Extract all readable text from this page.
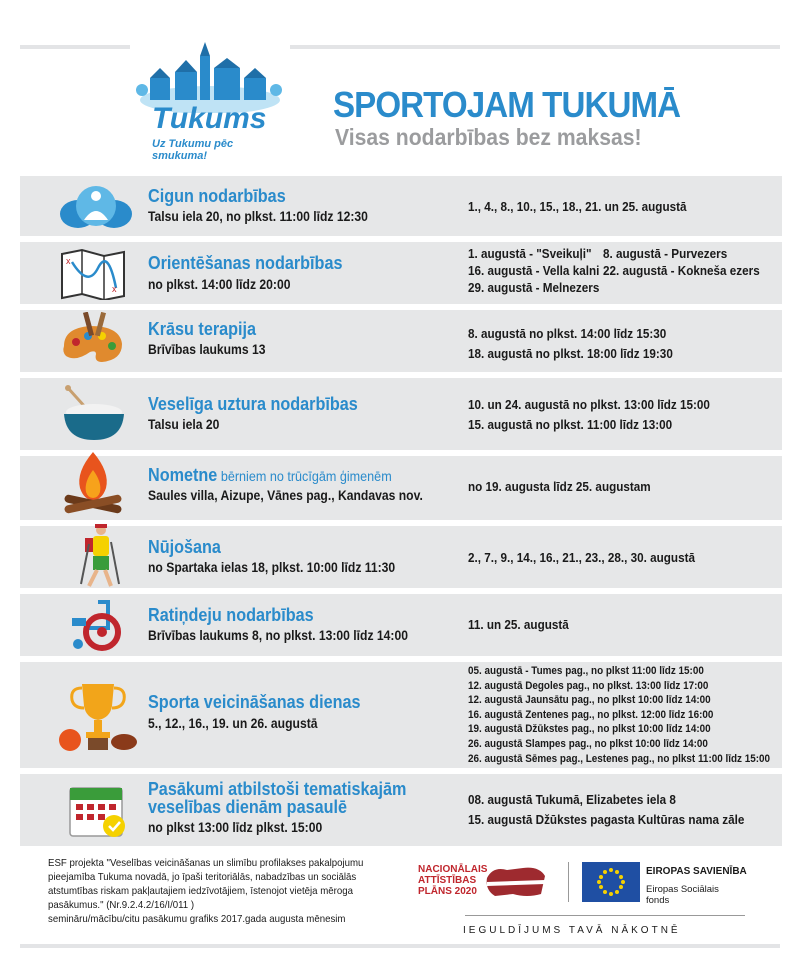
Tukums
Uz Tukumu pēc smukuma!
SPORTOJAM TUKUMĀ
Visas nodarbības bez maksas!
Cigun nodarbības
Talsu iela 20, no plkst. 11:00 līdz 12:30
1., 4., 8., 10., 15., 18., 21. un 25. augustā
x
x
Orientēšanas nodarbības
no plkst. 14:00 līdz 20:00
1. augustā - "Sveikuļi" 8. augustā - Purvezers
16. augustā - Vella kalni 22. augustā - Kokneša ezers
29. augustā - Melnezers
Krāsu terapija
Brīvības laukums 13
8. augustā no plkst. 14:00 līdz 15:30
18. augustā no plkst. 18:00 līdz 19:30
Veselīga uztura nodarbības
Talsu iela 20
10. un 24. augustā no plkst. 13:00 līdz 15:00
15. augustā no plkst. 11:00 līdz 13:00
Nometne bērniem no trūcīgām ģimenēm
Saules villa, Aizupe, Vānes pag., Kandavas nov.
no 19. augusta līdz 25. augustam
Nūjošana
no Spartaka ielas 18, plkst. 10:00 līdz 11:30
2., 7., 9., 14., 16., 21., 23., 28., 30. augustā
Ratiņdeju nodarbības
Brīvības laukums 8, no plkst. 13:00 līdz 14:00
11. un 25. augustā
Sporta veicināšanas dienas
5., 12., 16., 19. un 26. augustā
05. augustā - Tumes pag., no plkst 11:00 līdz 15:00
12. augustā Degoles pag., no plkst. 13:00 līdz 17:00
12. augustā Jaunsātu pag., no plkst 10:00 līdz 14:00
16. augustā Zentenes pag., no plkst. 12:00 līdz 16:00
19. augustā Džūkstes pag., no plkst 10:00 līdz 14:00
26. augustā Slampes pag., no plkst 10:00 līdz 14:00
26. augustā Sēmes pag., Lestenes pag., no plkst 11:00 līdz 15:00
Pasākumi atbilstoši tematiskajām
veselības dienām pasaulē
no plkst 13:00 līdz plkst. 15:00
08. augustā Tukumā, Elizabetes iela 8
15. augustā Džūkstes pagasta Kultūras nama zāle
ESF projekta "Veselības veicināšanas un slimību profilakses pakalpojumu
pieejamība Tukuma novadā, jo īpaši teritoriālās, nabadzības un sociālās
atstumtības riskam pakļautajiem iedzīvotājiem, īstenojot vietēja mēroga
pasākumus." (Nr.9.2.4.2/16/I/011 )
semināru/mācību/citu pasākumu grafiks 2017.gada augusta mēnesim
NACIONĀLAIS
ATTĪSTĪBAS
PLĀNS 2020
EIROPAS SAVIENĪBA
Eiropas Sociālais
fonds
IEGULDĪJUMS TAVĀ NĀKOTNĒ
